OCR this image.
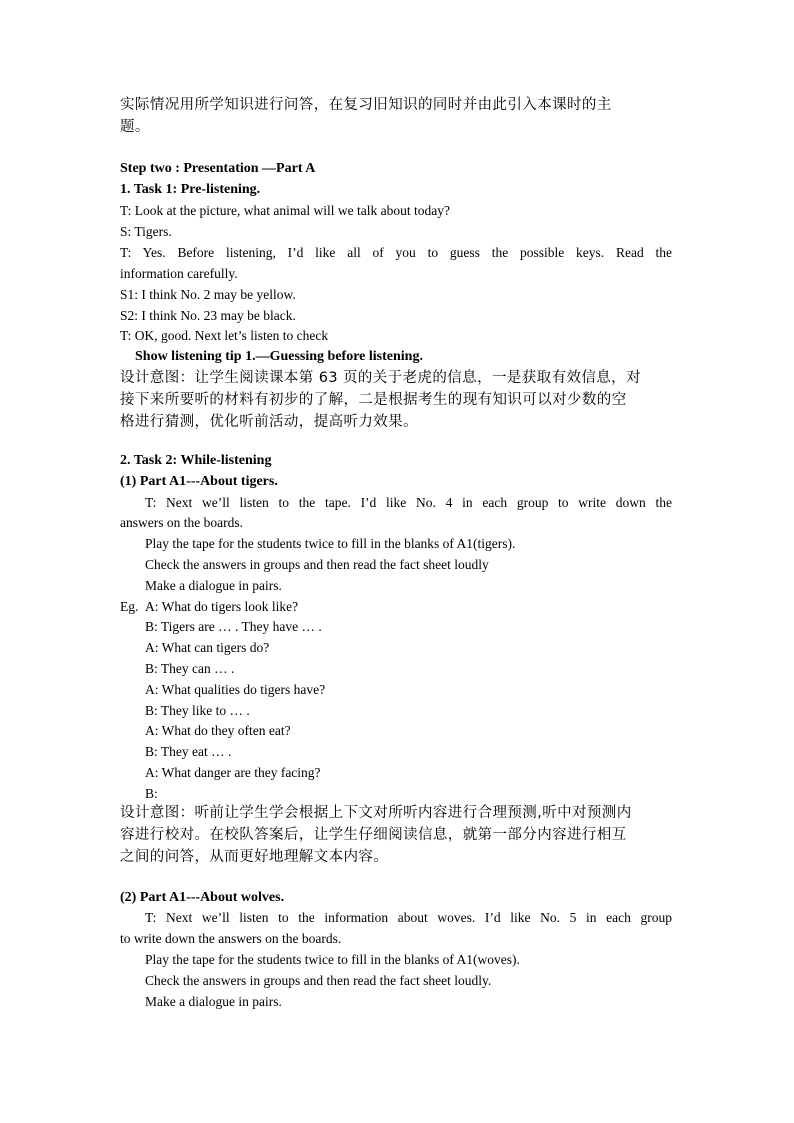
实际情况用所学知识进行问答，在复习旧知识的同时并由此引入本课时的主
题。
Step two : Presentation —Part A
1. Task 1: Pre-listening.
T: Look at the picture, what animal will we talk about today?
S: Tigers.
T: Yes. Before listening, I’d like all of you to guess the possible keys. Read the
information carefully.
S1: I think No. 2 may be yellow.
S2: I think No. 23 may be black.
T: OK, good. Next let’s listen to check
Show listening tip 1.—Guessing before listening.
设计意图：让学生阅读课本第 63 页的关于老虎的信息，一是获取有效信息，对
接下来所要听的材料有初步的了解，二是根据考生的现有知识可以对少数的空
格进行猜测，优化听前活动，提高听力效果。
2. Task 2: While-listening
(1) Part A1---About tigers.
T: Next we’ll listen to the tape. I’d like No. 4 in each group to write down the
answers on the boards.
Play the tape for the students twice to fill in the blanks of A1(tigers).
Check the answers in groups and then read the fact sheet loudly
Make a dialogue in pairs.
Eg. A: What do tigers look like?
B: Tigers are … . They have … .
A: What can tigers do?
B: They can … .
A: What qualities do tigers have?
B: They like to … .
A: What do they often eat?
B: They eat … .
A: What danger are they facing?
B:
设计意图：听前让学生学会根据上下文对所听内容进行合理预测,听中对预测内
容进行校对。在校队答案后，让学生仔细阅读信息，就第一部分内容进行相互
之间的问答，从而更好地理解文本内容。
(2) Part A1---About wolves.
T: Next we’ll listen to the information about woves. I’d like No. 5 in each group
to write down the answers on the boards.
Play the tape for the students twice to fill in the blanks of A1(woves).
Check the answers in groups and then read the fact sheet loudly.
Make a dialogue in pairs.
